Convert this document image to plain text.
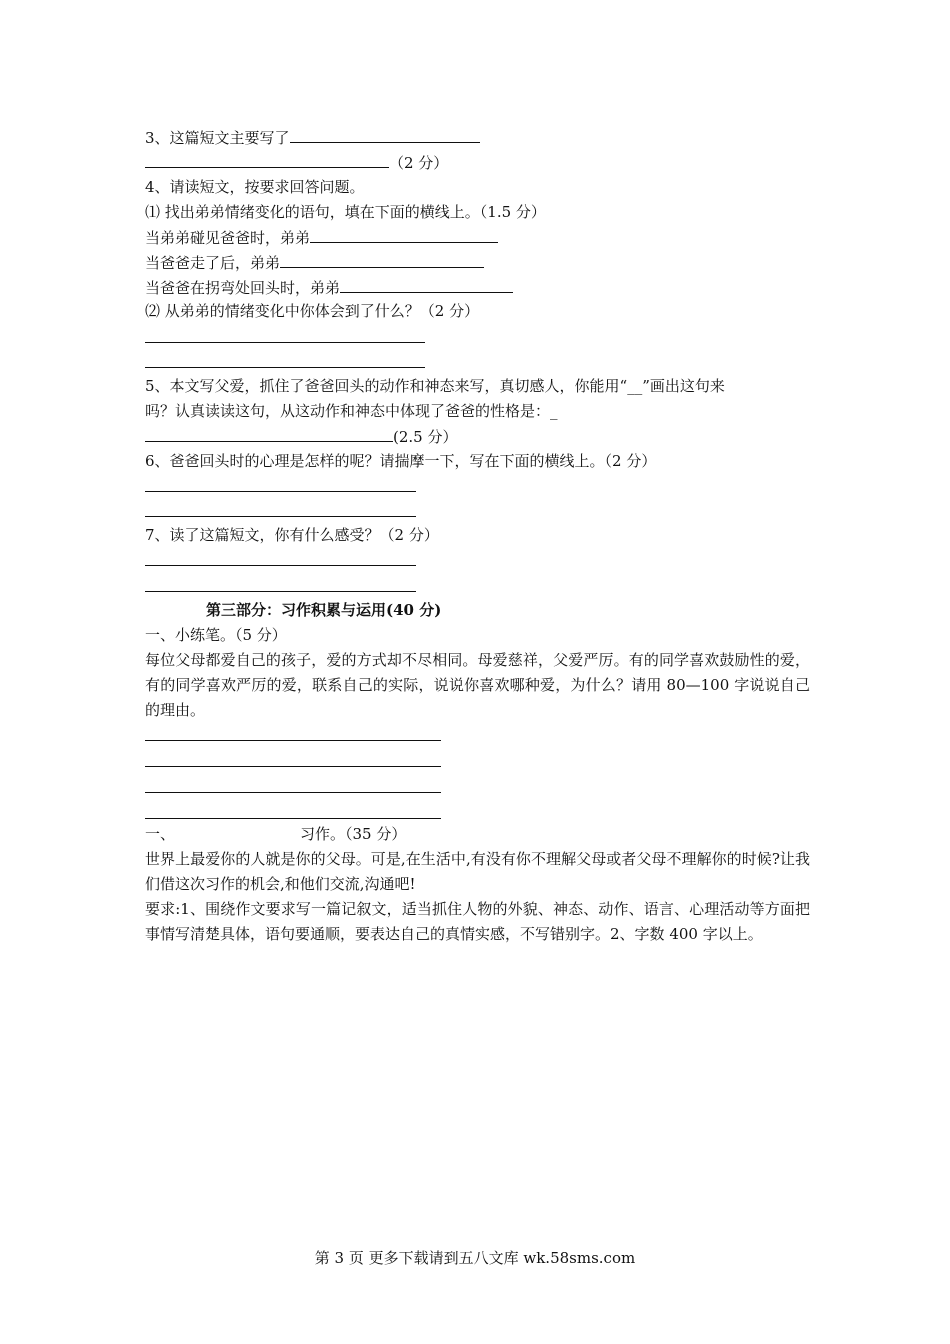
3、这篇短文主要写了
（2 分）
4、请读短文，按要求回答问题。
⑴ 找出弟弟情绪变化的语句，填在下面的横线上。（1.5 分）
当弟弟碰见爸爸时，弟弟
当爸爸走了后，弟弟
当爸爸在拐弯处回头时，弟弟
⑵ 从弟弟的情绪变化中你体会到了什么？（2 分）
5、本文写父爱，抓住了爸爸回头的动作和神态来写，真切感人，你能用“__”画出这句来
吗？认真读读这句，从这动作和神态中体现了爸爸的性格是：_
(2.5 分）
6、爸爸回头时的心理是怎样的呢？请揣摩一下，写在下面的横线上。（2 分）
7、读了这篇短文，你有什么感受？（2 分）
第三部分：习作积累与运用(40 分)
一、小练笔。（5 分）
每位父母都爱自己的孩子，爱的方式却不尽相同。母爱慈祥，父爱严厉。有的同学喜欢鼓励性的爱，有的同学喜欢严厉的爱，联系自己的实际，说说你喜欢哪种爱，为什么？请用 80—100 字说说自己的理由。
一、	习作。（35 分）
世界上最爱你的人就是你的父母。可是,在生活中,有没有你不理解父母或者父母不理解你的时候?让我们借这次习作的机会,和他们交流,沟通吧!
要求:1、围绕作文要求写一篇记叙文，适当抓住人物的外貌、神态、动作、语言、心理活动等方面把事情写清楚具体，语句要通顺，要表达自己的真情实感，不写错别字。2、字数 400 字以上。
第 3 页 更多下载请到五八文库 wk.58sms.com
